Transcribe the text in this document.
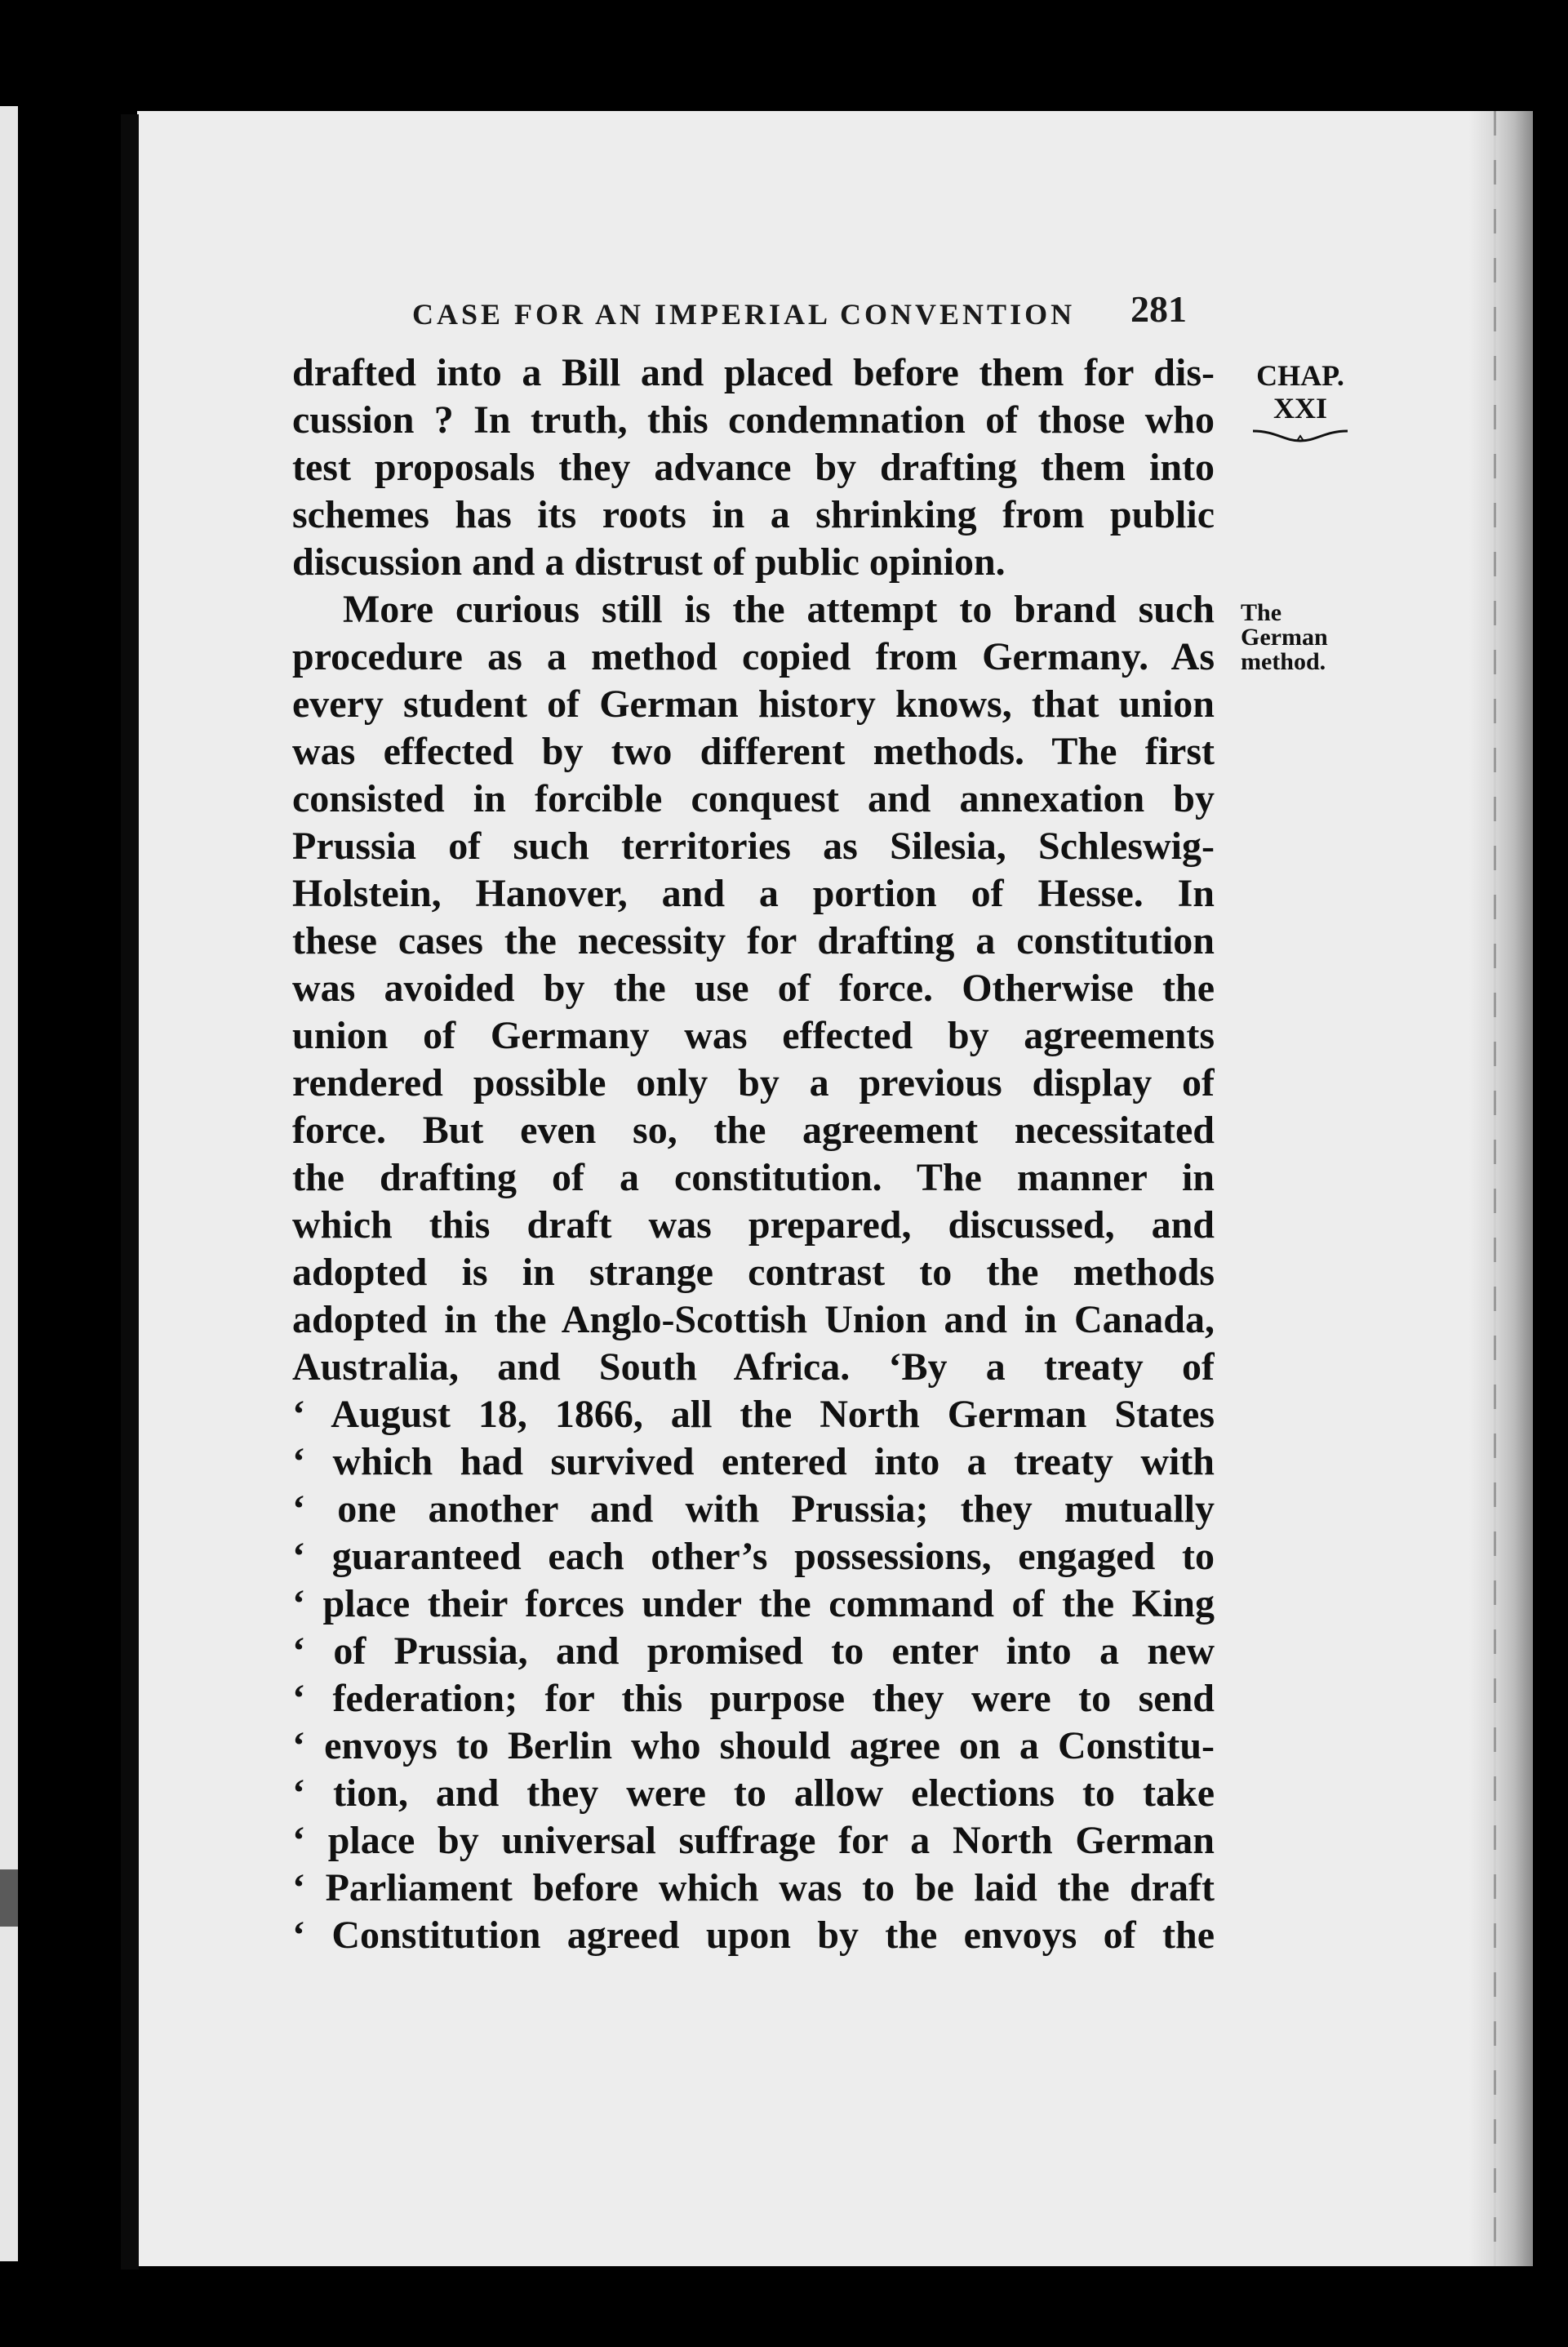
CASE FOR AN IMPERIAL CONVENTION 281
CHAP.
XXI
The
German
method.
drafted into a Bill and placed before them for dis-
cussion ? In truth, this condemnation of those who
test proposals they advance by drafting them into
schemes has its roots in a shrinking from public
discussion and a distrust of public opinion.
More curious still is the attempt to brand such
procedure as a method copied from Germany. As
every student of German history knows, that union
was effected by two different methods. The first
consisted in forcible conquest and annexation by
Prussia of such territories as Silesia, Schleswig-
Holstein, Hanover, and a portion of Hesse. In
these cases the necessity for drafting a constitution
was avoided by the use of force. Otherwise the
union of Germany was effected by agreements
rendered possible only by a previous display of
force. But even so, the agreement necessitated
the drafting of a constitution. The manner in
which this draft was prepared, discussed, and
adopted is in strange contrast to the methods
adopted in the Anglo-Scottish Union and in Canada,
Australia, and South Africa. ‘By a treaty of
‘ August 18, 1866, all the North German States
‘ which had survived entered into a treaty with
‘ one another and with Prussia; they mutually
‘ guaranteed each other’s possessions, engaged to
‘ place their forces under the command of the King
‘ of Prussia, and promised to enter into a new
‘ federation; for this purpose they were to send
‘ envoys to Berlin who should agree on a Constitu-
‘ tion, and they were to allow elections to take
‘ place by universal suffrage for a North German
‘ Parliament before which was to be laid the draft
‘ Constitution agreed upon by the envoys of the
